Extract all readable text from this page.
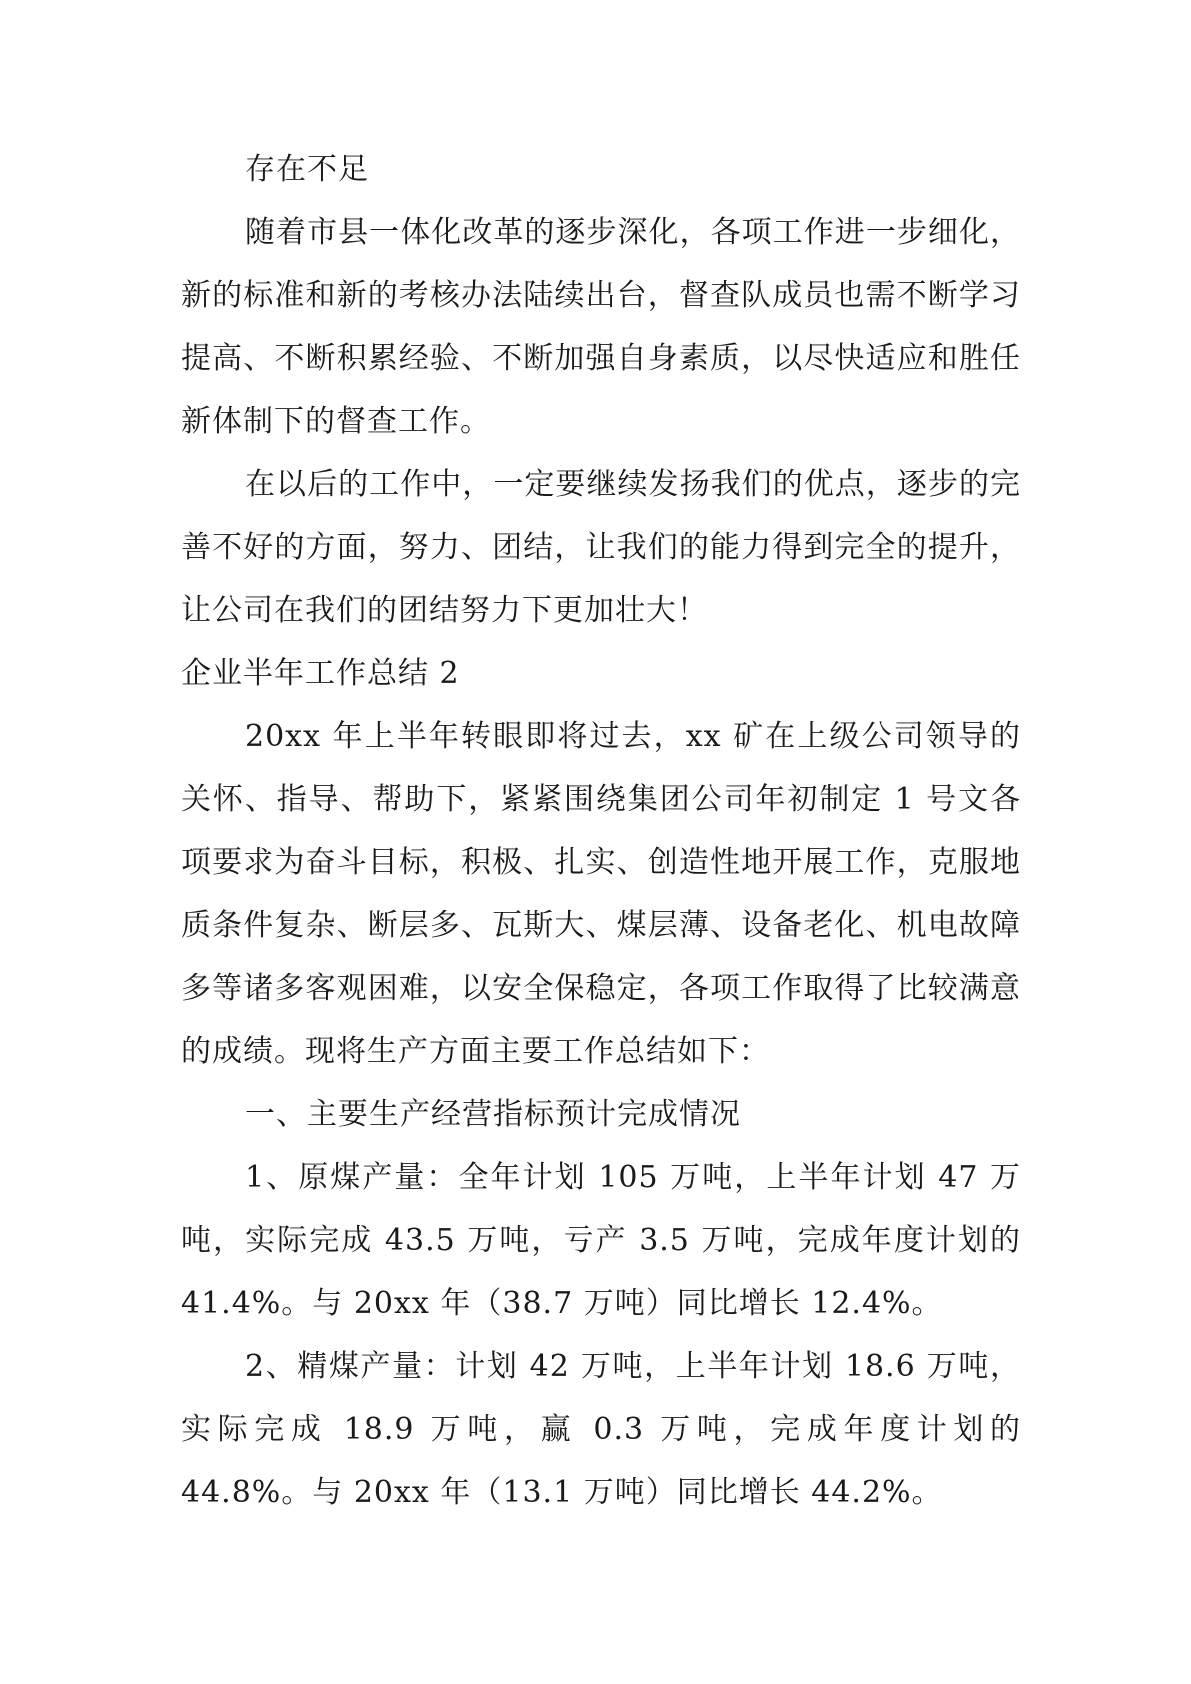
存在不足

随着市县一体化改革的逐步深化，各项工作进一步细化，新的标准和新的考核办法陆续出台，督查队成员也需不断学习提高、不断积累经验、不断加强自身素质，以尽快适应和胜任新体制下的督查工作。

在以后的工作中，一定要继续发扬我们的优点，逐步的完善不好的方面，努力、团结，让我们的能力得到完全的提升，让公司在我们的团结努力下更加壮大！

企业半年工作总结 2

20xx 年上半年转眼即将过去，xx 矿在上级公司领导的关怀、指导、帮助下，紧紧围绕集团公司年初制定 1 号文各项要求为奋斗目标，积极、扎实、创造性地开展工作，克服地质条件复杂、断层多、瓦斯大、煤层薄、设备老化、机电故障多等诸多客观困难，以安全保稳定，各项工作取得了比较满意的成绩。现将生产方面主要工作总结如下：

一、主要生产经营指标预计完成情况

1、原煤产量：全年计划 105 万吨，上半年计划 47 万吨，实际完成 43.5 万吨，亏产 3.5 万吨，完成年度计划的 41.4%。与 20xx 年（38.7 万吨）同比增长 12.4%。

2、精煤产量：计划 42 万吨，上半年计划 18.6 万吨，实际完成 18.9 万吨，赢 0.3 万吨，完成年度计划的 44.8%。与 20xx 年（13.1 万吨）同比增长 44.2%。
